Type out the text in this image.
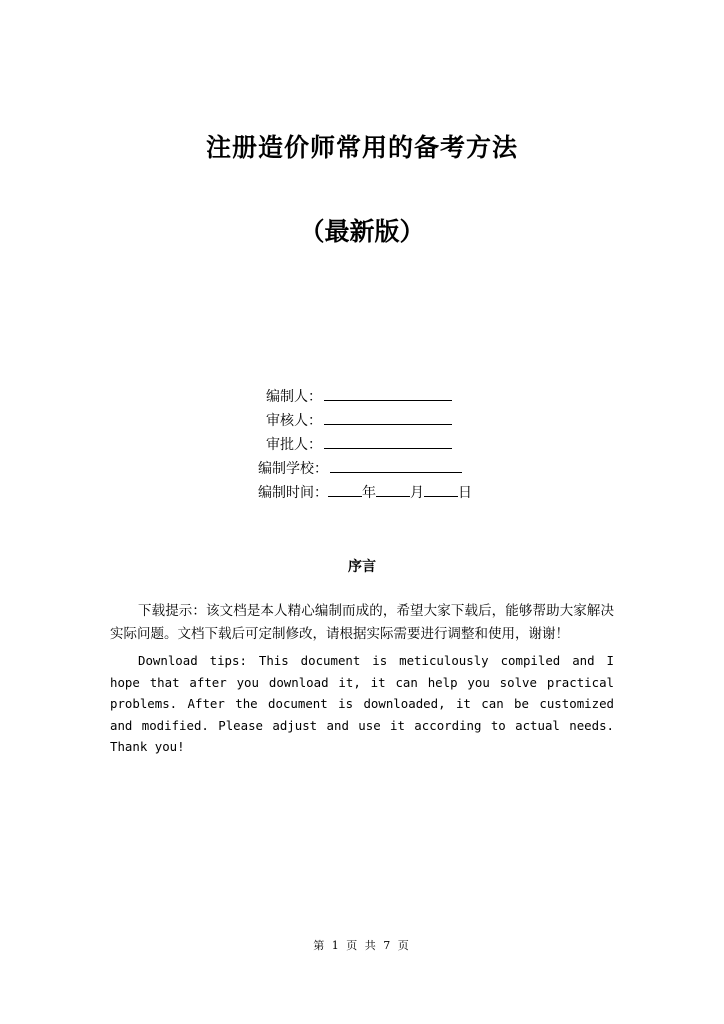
注册造价师常用的备考方法
（最新版）
编制人：
审核人：
审批人：
编制学校：
编制时间： 年 月 日
序言
下载提示：该文档是本人精心编制而成的，希望大家下载后，能够帮助大家解决实际问题。文档下载后可定制修改，请根据实际需要进行调整和使用，谢谢！
Download tips: This document is meticulously compiled and I hope that after you download it, it can help you solve practical problems. After the document is downloaded, it can be customized and modified. Please adjust and use it according to actual needs. Thank you!
第 1 页 共 7 页
